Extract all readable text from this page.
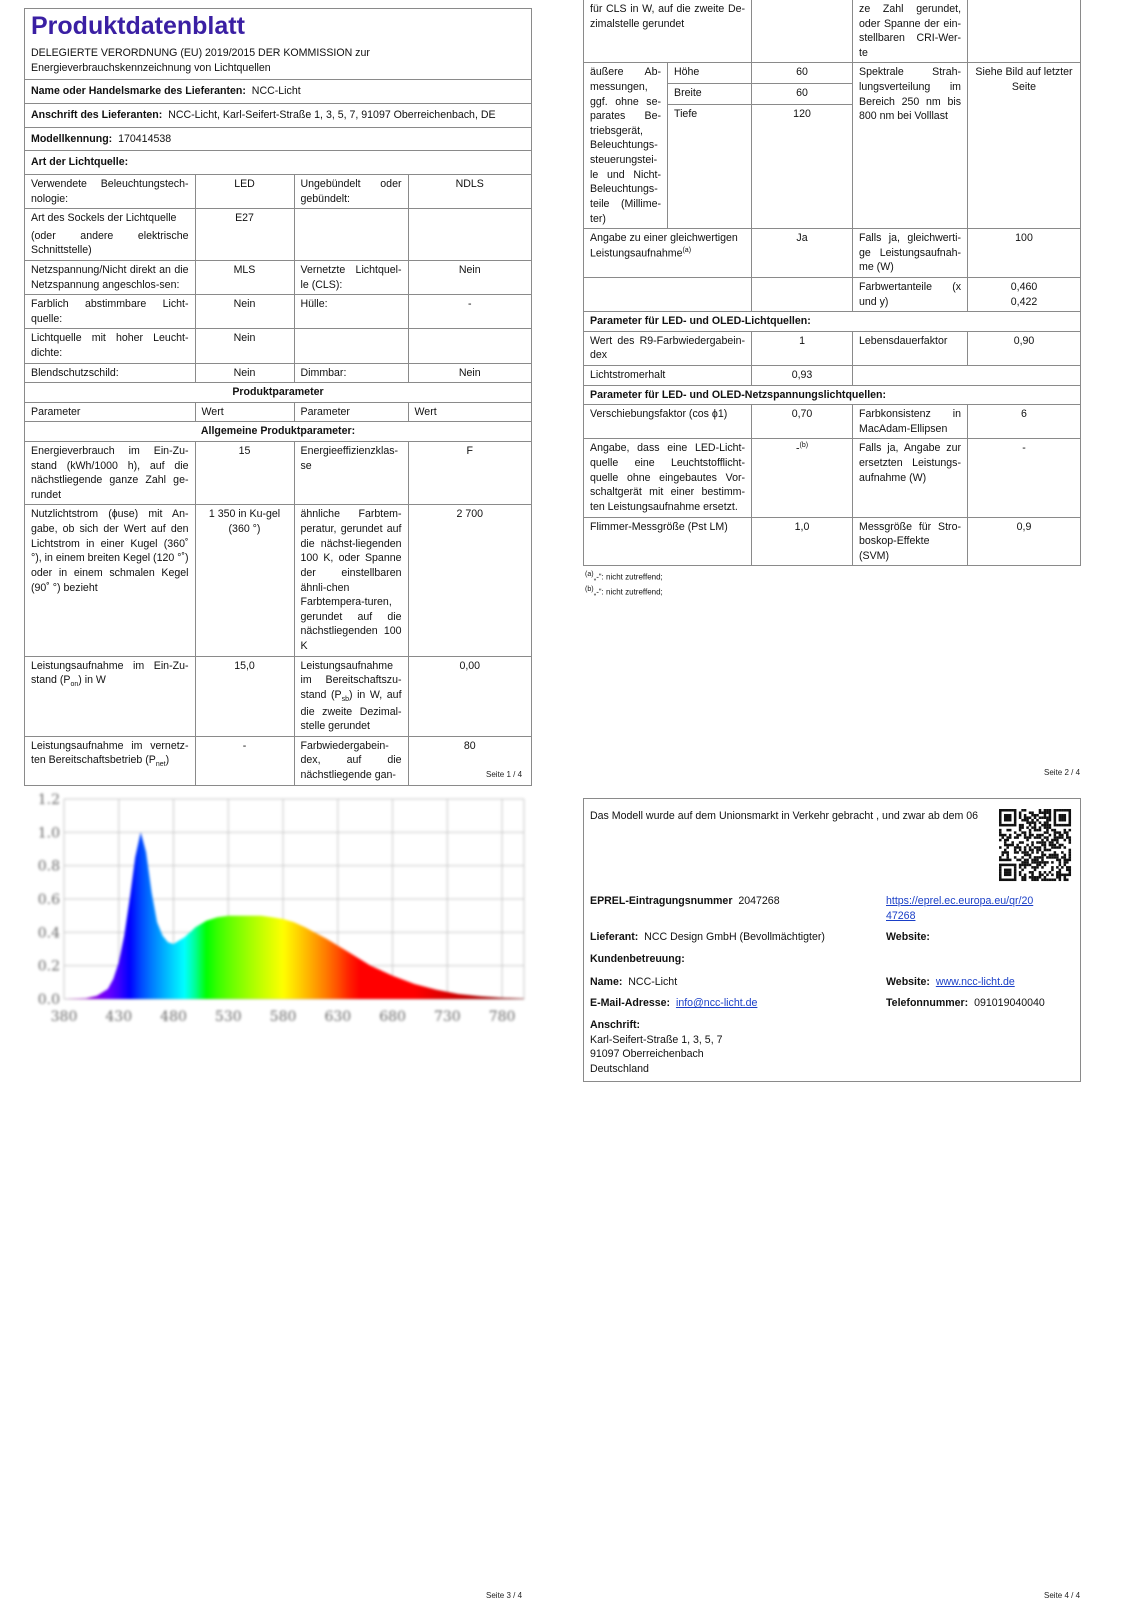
Produktdatenblatt
DELEGIERTE VERORDNUNG (EU) 2019/2015 DER KOMMISSION zur
Energieverbrauchskennzeichnung von Lichtquellen
Name oder Handelsmarke des Lieferanten: NCC-Licht
Anschrift des Lieferanten: NCC-Licht, Karl-Seifert-Straße 1, 3, 5, 7, 91097 Oberreichenbach, DE
Modellkennung: 170414538
Art der Lichtquelle:
Verwendete Beleuchtungstech-nologie:	LED	Ungebündelt oder gebündelt:	NDLS

Art des Sockels der Lichtquelle
(oder andere elektrische Schnittstelle)	E27		
Netzspannung/Nicht direkt an die Netzspannung angeschlos-sen:	MLS	Vernetzte Lichtquel-le (CLS):	Nein
Farblich abstimmbare Licht-quelle:	Nein	Hülle:	-
Lichtquelle mit hoher Leucht-dichte:	Nein		
Blendschutzschild:	Nein	Dimmbar:	Nein
Produktparameter			
Parameter	Wert	Parameter	Wert
Allgemeine Produktparameter:			
Energieverbrauch im Ein-Zu-stand (kWh/1000 h), auf die nächstliegende ganze Zahl ge-rundet	15	Energieeffizienzklas-se	F
Nutzlichtstrom (ɸuse) mit An-gabe, ob sich der Wert auf den Lichtstrom in einer Kugel (360˚ °), in einem breiten Kegel (120 °˚) oder in einem schmalen Kegel (90˚ °) bezieht	1 350 in Ku-gel (360 °)	ähnliche Farbtem-peratur, gerundet auf die nächst-liegenden 100 K, oder Spanne der einstellbaren ähnli-chen Farbtempera-turen, gerundet auf die nächstliegenden 100 K	2 700
Leistungsaufnahme im Ein-Zu-stand $(P_{on})$ in W	15,0	Leistungsaufnahme im Bereitschaftszu-stand $(P_{sb})$ in W, auf die zweite Dezimal-stelle gerundet	0,00
Leistungsaufnahme im vernetz-ten Bereitschaftsbetrieb $(P_{net})$	-	Farbwiedergabein-dex, auf die nächstliegende gan-	80
Seite 1 / 4
für CLS in W, auf die zweite De-zimalstelle gerundet			ze Zahl gerundet, oder Spanne der ein-stellbaren CRI-Wer-te	
äußere Ab-messungen, ggf. ohne se-parates Be-triebsgerät, Beleuchtungs-steuerungstei-le und Nicht-Beleuchtungs-teile (Millime-ter)	Höhe	60	Spektrale Strah-lungsverteilung im Bereich 250 nm bis 800 nm bei Volllast	Siehe Bild auf letzter Seite
	Breite	60		
	Tiefe	120		
Angabe zu einer gleichwertigen Leistungsaufnahme$^{(a)}$		Ja	Falls ja, gleichwerti-ge Leistungsaufnah-me (W)	100
			Farbwertanteile (x und y)	0,460
0,422

Parameter für LED- und OLED-Lichtquellen:				
Wert des R9-Farbwiedergabein-dex		1	Lebensdauerfaktor	0,90
Lichtstromerhalt		0,93		
Parameter für LED- und OLED-Netzspannungslichtquellen:				
Verschiebungsfaktor (cos ϕ1)		0,70	Farbkonsistenz in MacAdam-Ellipsen	6
Angabe, dass eine LED-Licht-quelle eine Leuchtstofflicht-quelle ohne eingebautes Vor-schaltgerät mit einer bestimm-ten Leistungsaufnahme ersetzt.		-$^{(b)}$	Falls ja, Angabe zur ersetzten Leistungs-aufnahme (W)	-
Flimmer-Messgröße (Pst LM)		1,0	Messgröße für Stro-boskop-Effekte (SVM)	0,9
$^{(a)}$„-“: nicht zutreffend;
$^{(b)}$„-“: nicht zutreffend;
Seite 2 / 4
0.0
0.2
0.4
0.6
0.8
1.0
1.2
380 430 480 530 580 630 680 730 780
Seite 3 / 4
Das Modell wurde auf dem Unionsmarkt in Verkehr gebracht , und zwar ab dem 06
EPREL-Eintragungsnummer 2047268	https://eprel.ec.europa.eu/qr/20
47268
Lieferant: NCC Design GmbH (Bevollmächtigter)	Website:
Kundenbetreuung:
Name: NCC-Licht	Website: www.ncc-licht.de
E-Mail-Adresse: info@ncc-licht.de	Telefonnummer: 091019040040
Anschrift:
Karl-Seifert-Straße 1, 3, 5, 7
91097 Oberreichenbach
Deutschland
Seite 4 / 4
